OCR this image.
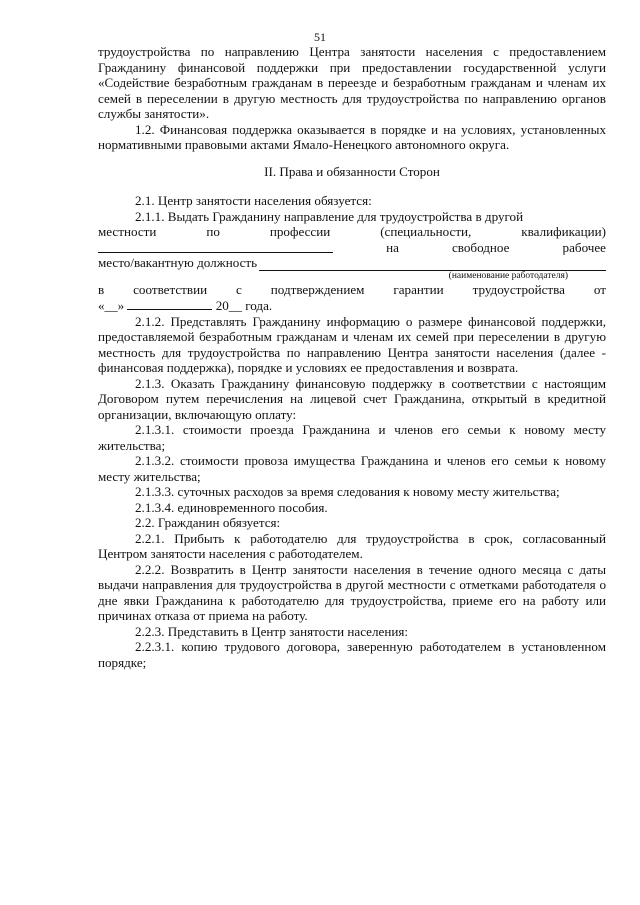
51

трудоустройства по направлению Центра занятости населения с предоставлением Гражданину финансовой поддержки при предоставлении государственной услуги «Содействие безработным гражданам в переезде и безработным гражданам и членам их семей в переселении в другую местность для трудоустройства по направлению органов службы занятости».

1.2. Финансовая поддержка оказывается в порядке и на условиях, установленных нормативными правовыми актами Ямало-Ненецкого автономного округа.

II. Права и обязанности Сторон

2.1. Центр занятости населения обязуется:

2.1.1. Выдать Гражданину направление для трудоустройства в другой

местности	по	профессии	(специальности,	квалификации)
на	свободное	рабочее
место/вакантную должность

(наименование работодателя)

в соответствии с подтверждением гарантии трудоустройства от

«__»	20__ года.

2.1.2. Представлять Гражданину информацию о размере финансовой поддержки, предоставляемой безработным гражданам и членам их семей при переселении в другую местность для трудоустройства по направлению Центра занятости населения (далее - финансовая поддержка), порядке и условиях ее предоставления и возврата.

2.1.3. Оказать Гражданину финансовую поддержку в соответствии с настоящим Договором путем перечисления на лицевой счет Гражданина, открытый в кредитной организации, включающую оплату:

2.1.3.1. стоимости проезда Гражданина и членов его семьи к новому месту жительства;

2.1.3.2. стоимости провоза имущества Гражданина и членов его семьи к новому месту жительства;

2.1.3.3. суточных расходов за время следования к новому месту жительства;

2.1.3.4. единовременного пособия.

2.2. Гражданин обязуется:

2.2.1. Прибыть к работодателю для трудоустройства в срок, согласованный Центром занятости населения с работодателем.

2.2.2. Возвратить в Центр занятости населения в течение одного месяца с даты выдачи направления для трудоустройства в другой местности с отметками работодателя о дне явки Гражданина к работодателю для трудоустройства, приеме его на работу или причинах отказа от приема на работу.

2.2.3. Представить в Центр занятости населения:

2.2.3.1. копию трудового договора, заверенную работодателем в установленном порядке;
